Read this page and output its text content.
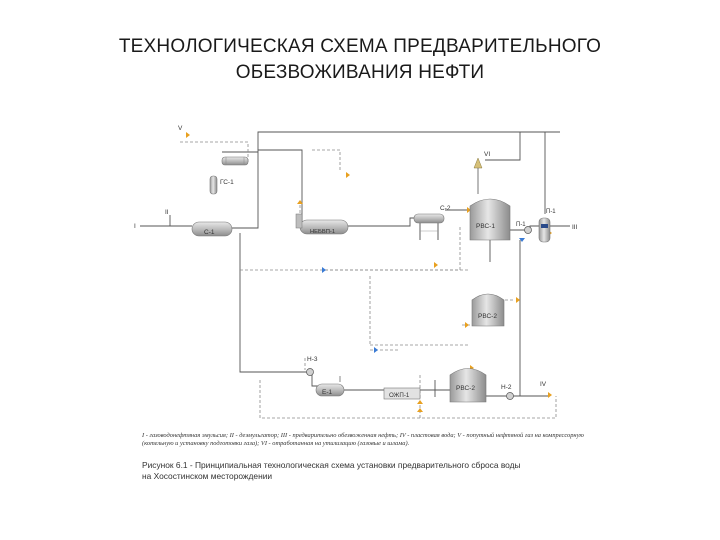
ТЕХНОЛОГИЧЕСКАЯ СХЕМА ПРЕДВАРИТЕЛЬНОГО
ОБЕЗВОЖИВАНИЯ НЕФТИ
ГС-1
С-1	НЕБВП-1
С-2
VI
РВС-1	П-1
П-1
РВС-2
Н-3
Е-1	ОЖП-1
РВС-2	Н-2
V
I
II
III
IV
I - газоводонефтяная эмульсия; II - деэмульгатор; III - предварительно обезвоженная нефть; IV - пластовая вода; V - попутный нефтяной газ на компрессорную (котельную и установку подготовки газа); VI - отработанная на утилизацию (газовые и шлама).
Рисунок 6.1 - Принципиальная технологическая схема установки предварительного сброса воды
на Хосостинском месторождении
